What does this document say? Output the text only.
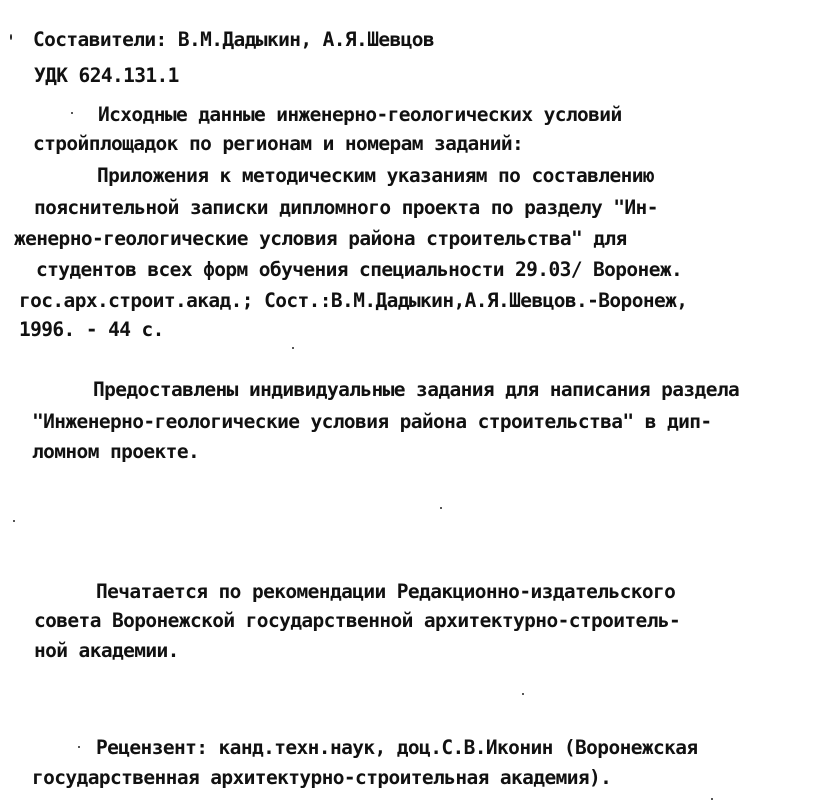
Составители: В.М.Дадыкин, А.Я.Шевцов
УДК 624.131.1
Исходные данные инженерно-геологических условий
стройплощадок по регионам и номерам заданий:
Приложения к методическим указаниям по составлению
пояснительной записки дипломного проекта по разделу "Ин-
женерно-геологические условия района строительства" для
студентов всех форм обучения специальности 29.03/ Воронеж.
гос.арх.строит.акад.; Сост.:В.М.Дадыкин,А.Я.Шевцов.-Воронеж,
1996. - 44 с.
Предоставлены индивидуальные задания для написания раздела
"Инженерно-геологические условия района строительства" в дип-
ломном проекте.
Печатается по рекомендации Редакционно-издательского
совета Воронежской государственной архитектурно-строитель-
ной академии.
Рецензент: канд.техн.наук, доц.С.В.Иконин (Воронежская
государственная архитектурно-строительная академия).
